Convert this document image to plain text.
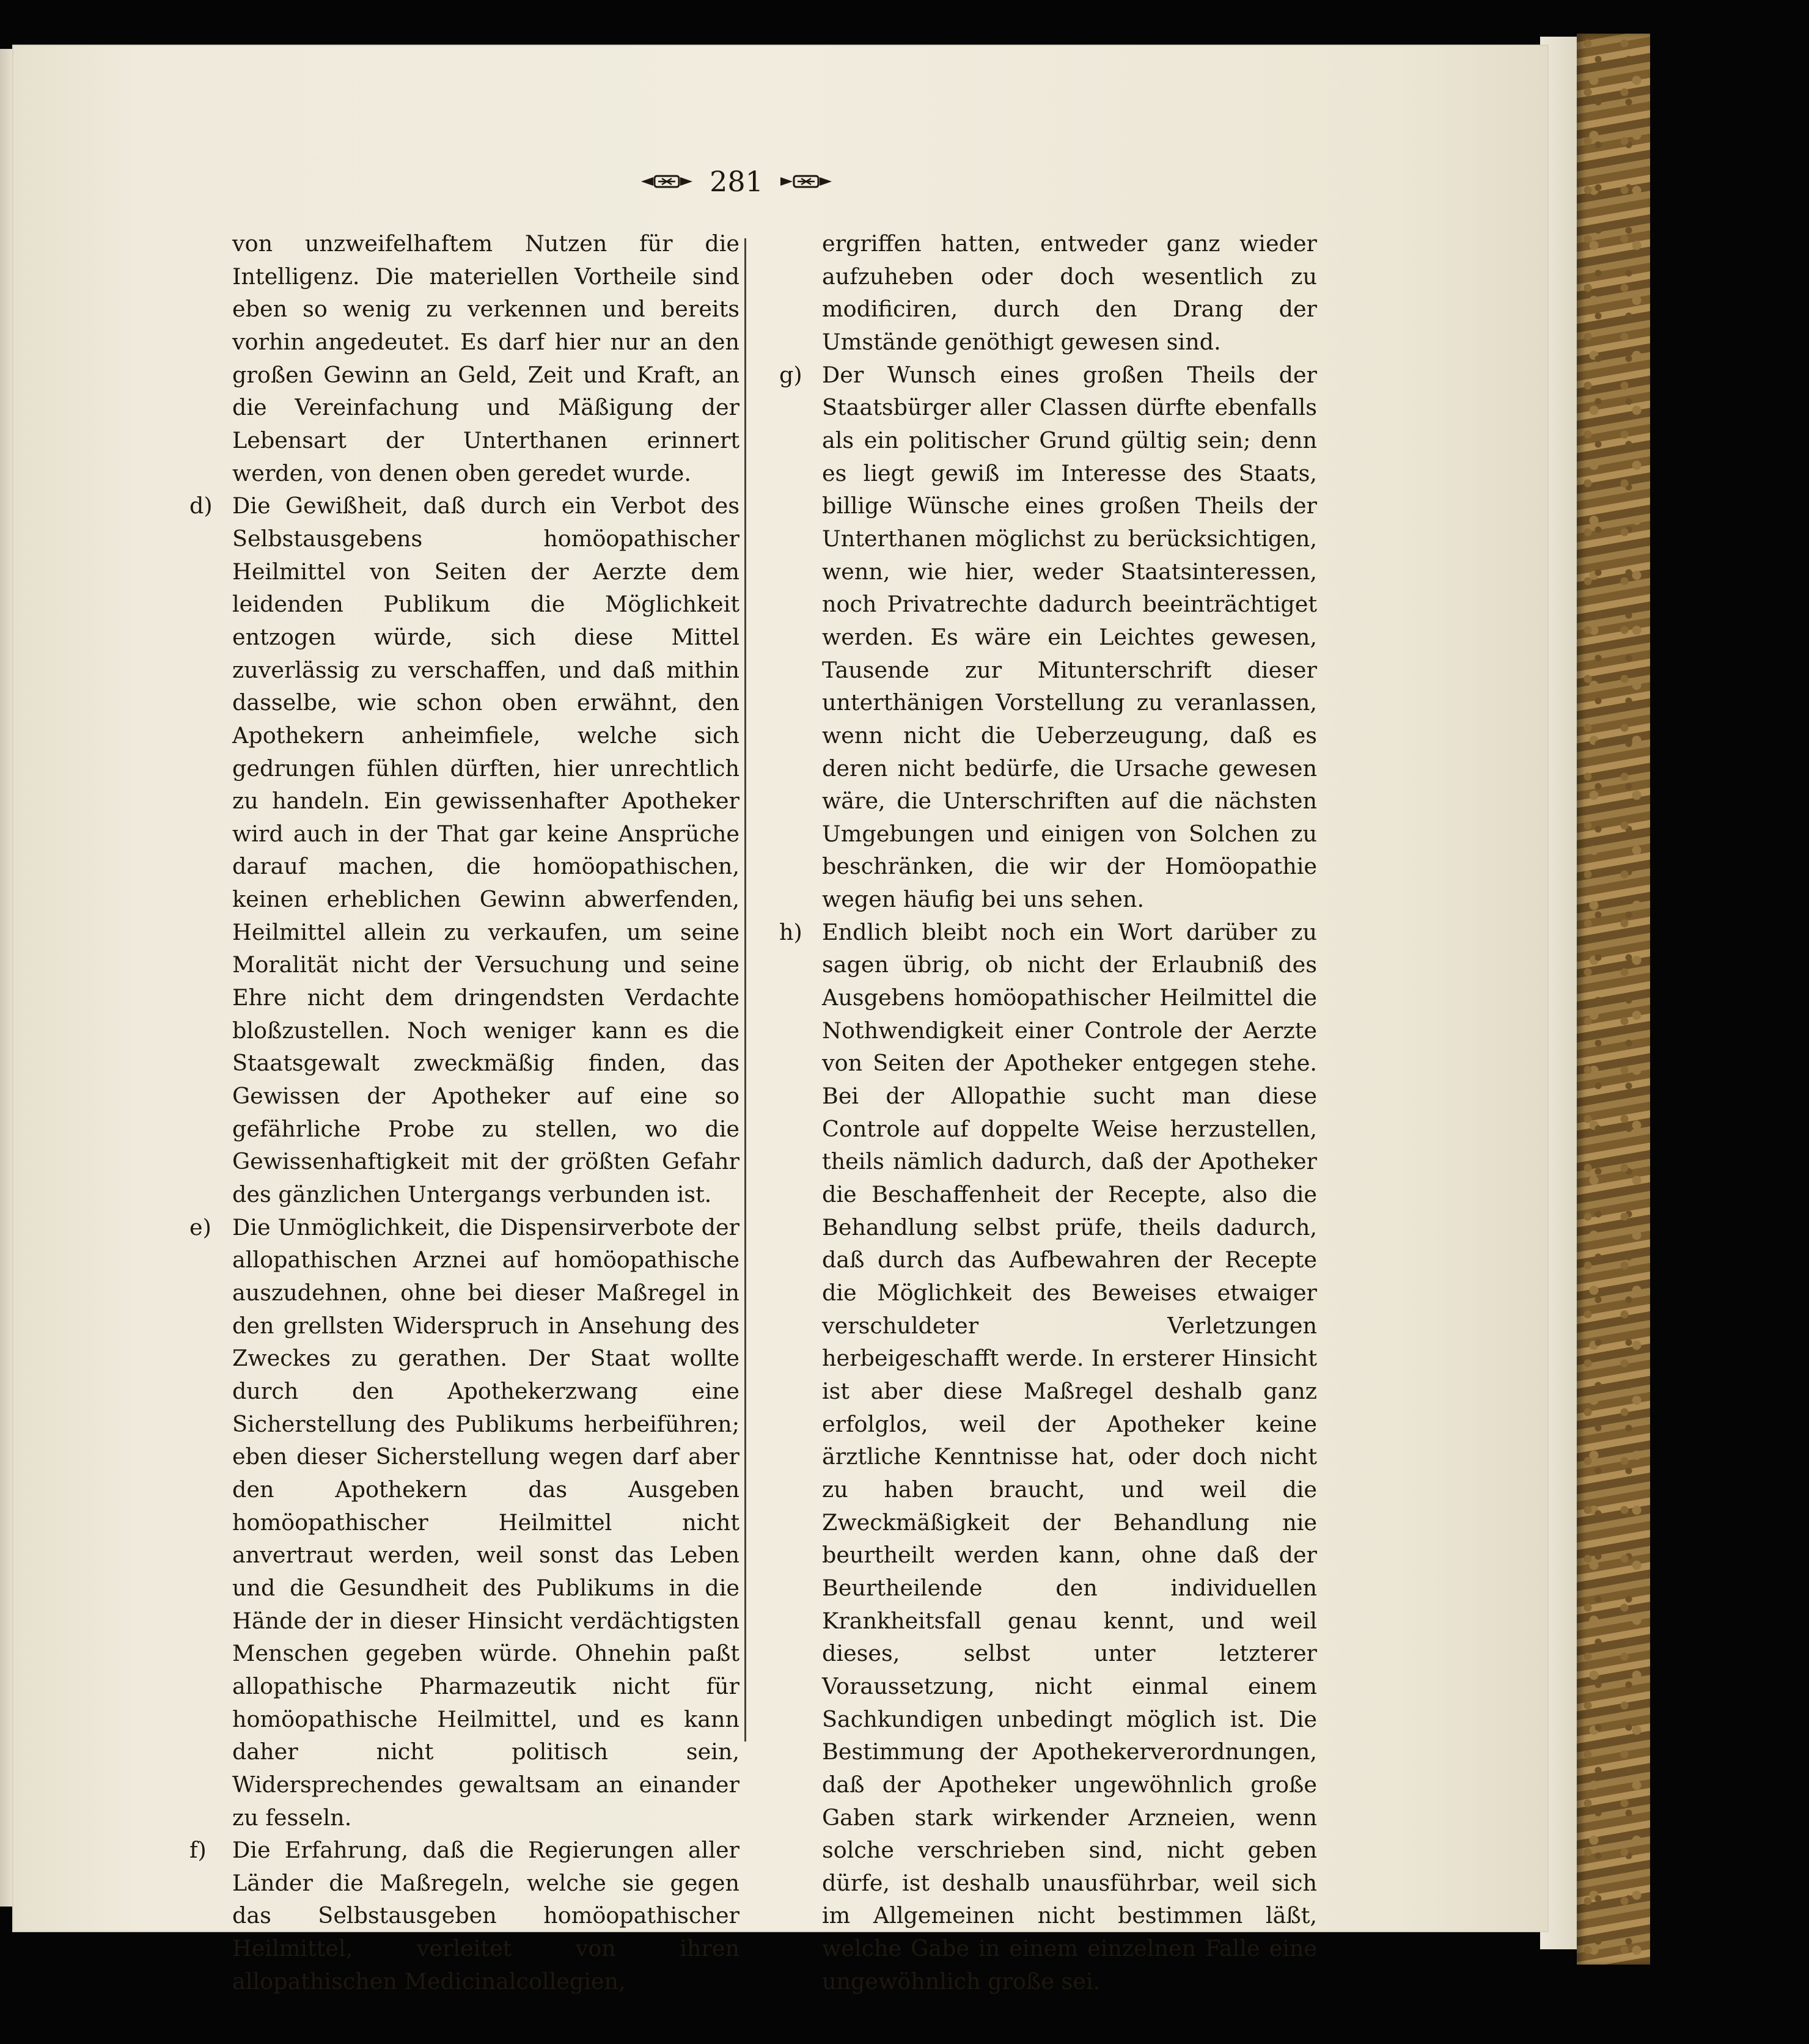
281
von unzweifelhaftem Nutzen für die Intelligenz. Die materiellen Vortheile sind eben so wenig zu verkennen und bereits vorhin angedeutet. Es darf hier nur an den großen Gewinn an Geld, Zeit und Kraft, an die Vereinfachung und Mäßigung der Lebensart der Unterthanen erinnert werden, von denen oben geredet wurde.
d) Die Gewißheit, daß durch ein Verbot des Selbstausgebens homöopathischer Heilmittel von Seiten der Aerzte dem leidenden Publikum die Möglichkeit entzogen würde, sich diese Mittel zuverlässig zu verschaffen, und daß mithin dasselbe, wie schon oben erwähnt, den Apothekern anheimfiele, welche sich gedrungen fühlen dürften, hier unrechtlich zu handeln. Ein gewissenhafter Apotheker wird auch in der That gar keine Ansprüche darauf machen, die homöopathischen, keinen erheblichen Gewinn abwerfenden, Heilmittel allein zu verkaufen, um seine Moralität nicht der Versuchung und seine Ehre nicht dem dringendsten Verdachte bloßzustellen. Noch weniger kann es die Staatsgewalt zweckmäßig finden, das Gewissen der Apotheker auf eine so gefährliche Probe zu stellen, wo die Gewissenhaftigkeit mit der größten Gefahr des gänzlichen Untergangs verbunden ist.
e) Die Unmöglichkeit, die Dispensirverbote der allopathischen Arznei auf homöopathische auszudehnen, ohne bei dieser Maßregel in den grellsten Widerspruch in Ansehung des Zweckes zu gerathen. Der Staat wollte durch den Apothekerzwang eine Sicherstellung des Publikums herbeiführen; eben dieser Sicherstellung wegen darf aber den Apothekern das Ausgeben homöopathischer Heilmittel nicht anvertraut werden, weil sonst das Leben und die Gesundheit des Publikums in die Hände der in dieser Hinsicht verdächtigsten Menschen gegeben würde. Ohnehin paßt allopathische Pharmazeutik nicht für homöopathische Heilmittel, und es kann daher nicht politisch sein, Widersprechendes gewaltsam an einander zu fesseln.
f)	Die Erfahrung, daß die Regierungen aller Länder die Maßregeln, welche sie gegen das Selbstausgeben homöopathischer Heilmittel, verleitet von ihren allopathischen Medicinalcollegien,
ergriffen hatten, entweder ganz wieder aufzuheben oder doch wesentlich zu modificiren, durch den Drang der Umstände genöthigt gewesen sind.
g) Der Wunsch eines großen Theils der Staatsbürger aller Classen dürfte ebenfalls als ein politischer Grund gültig sein; denn es liegt gewiß im Interesse des Staats, billige Wünsche eines großen Theils der Unterthanen möglichst zu berücksichtigen, wenn, wie hier, weder Staatsinteressen, noch Privatrechte dadurch beeinträchtiget werden. Es wäre ein Leichtes gewesen, Tausende zur Mitunterschrift dieser unterthänigen Vorstellung zu veranlassen, wenn nicht die Ueberzeugung, daß es deren nicht bedürfe, die Ursache gewesen wäre, die Unterschriften auf die nächsten Umgebungen und einigen von Solchen zu beschränken, die wir der Homöopathie wegen häufig bei uns sehen.
h) Endlich bleibt noch ein Wort darüber zu sagen übrig, ob nicht der Erlaubniß des Ausgebens homöopathischer Heilmittel die Nothwendigkeit einer Controle der Aerzte von Seiten der Apotheker entgegen stehe. Bei der Allopathie sucht man diese Controle auf doppelte Weise herzustellen, theils nämlich dadurch, daß der Apotheker die Beschaffenheit der Recepte, also die Behandlung selbst prüfe, theils dadurch, daß durch das Aufbewahren der Recepte die Möglichkeit des Beweises etwaiger verschuldeter Verletzungen herbeigeschafft werde. In ersterer Hinsicht ist aber diese Maßregel deshalb ganz erfolglos, weil der Apotheker keine ärztliche Kenntnisse hat, oder doch nicht zu haben braucht, und weil die Zweckmäßigkeit der Behandlung nie beurtheilt werden kann, ohne daß der Beurtheilende den individuellen Krankheitsfall genau kennt, und weil dieses, selbst unter letzterer Voraussetzung, nicht einmal einem Sachkundigen unbedingt möglich ist. Die Bestimmung der Apothekerverordnungen, daß der Apotheker ungewöhnlich große Gaben stark wirkender Arzneien, wenn solche verschrieben sind, nicht geben dürfe, ist deshalb unausführbar, weil sich im Allgemeinen nicht bestimmen läßt, welche Gabe in einem einzelnen Falle eine ungewöhnlich große sei.
